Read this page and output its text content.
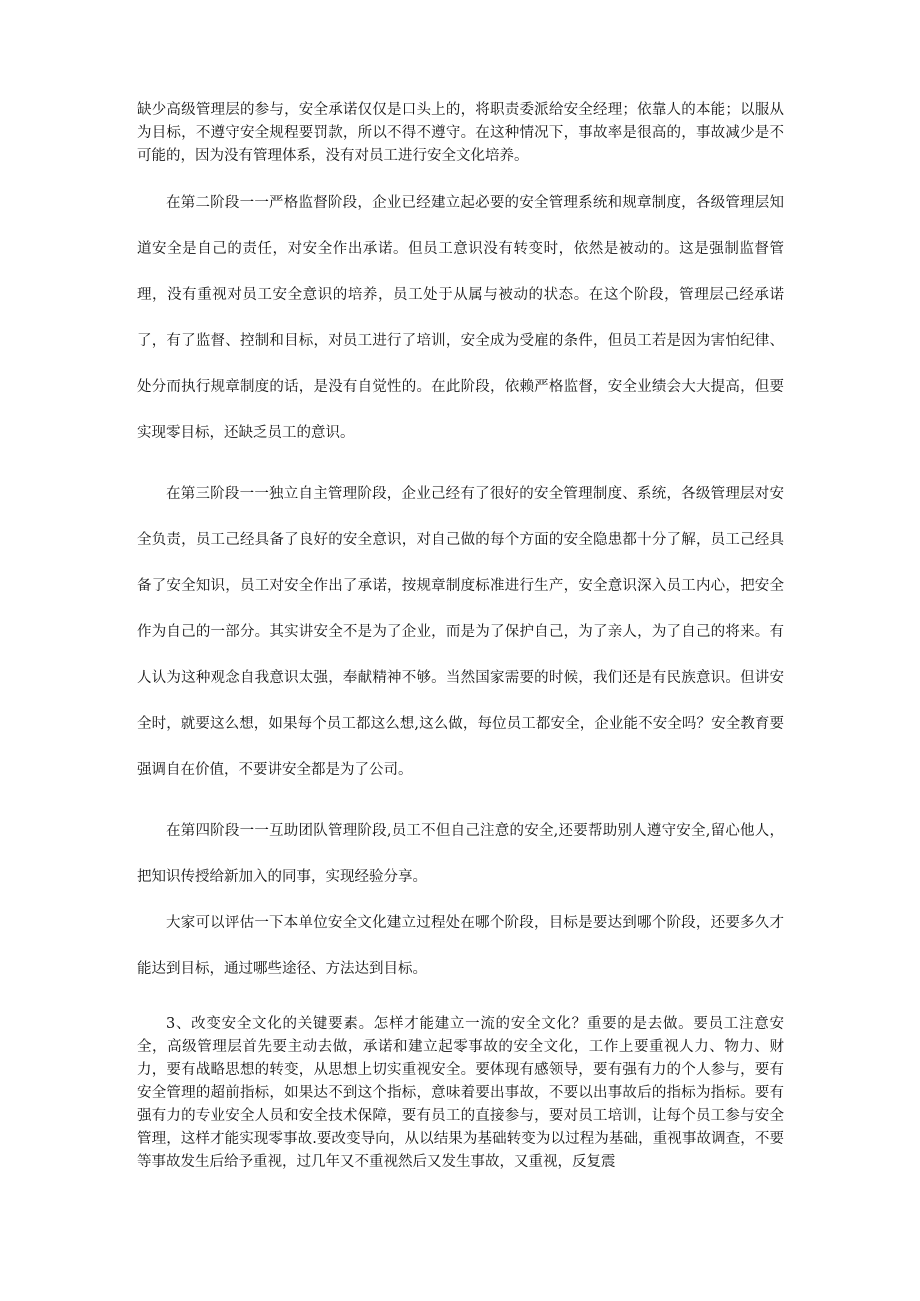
缺少高级管理层的参与，安全承诺仅仅是口头上的，将职责委派给安全经理；依靠人的本能；以服从为目标，不遵守安全规程要罚款，所以不得不遵守。在这种情况下，事故率是很高的，事故减少是不可能的，因为没有管理体系，没有对员工进行安全文化培养。

在第二阶段一一严格监督阶段，企业已经建立起必要的安全管理系统和规章制度，各级管理层知道安全是自己的责任，对安全作出承诺。但员工意识没有转变时，依然是被动的。这是强制监督管理，没有重视对员工安全意识的培养，员工处于从属与被动的状态。在这个阶段，管理层己经承诺了，有了监督、控制和目标，对员工进行了培训，安全成为受雇的条件，但员工若是因为害怕纪律、处分而执行规章制度的话，是没有自觉性的。在此阶段，依赖严格监督，安全业绩会大大提高，但要实现零目标，还缺乏员工的意识。

在第三阶段一一独立自主管理阶段，企业己经有了很好的安全管理制度、系统，各级管理层对安全负责，员工己经具备了良好的安全意识，对自己做的每个方面的安全隐患都十分了解，员工己经具备了安全知识，员工对安全作出了承诺，按规章制度标准进行生产，安全意识深入员工内心，把安全作为自己的一部分。其实讲安全不是为了企业，而是为了保护自己，为了亲人，为了自己的将来。有人认为这种观念自我意识太强，奉献精神不够。当然国家需要的时候，我们还是有民族意识。但讲安全时，就要这么想，如果每个员工都这么想,这么做，每位员工都安全，企业能不安全吗？安全教育要强调自在价值，不要讲安全都是为了公司。

在第四阶段一一互助团队管理阶段,员工不但自己注意的安全,还要帮助别人遵守安全,留心他人，把知识传授给新加入的同事，实现经验分享。

大家可以评估一下本单位安全文化建立过程处在哪个阶段，目标是要达到哪个阶段，还要多久才能达到目标，通过哪些途径、方法达到目标。

3、改变安全文化的关键要素。怎样才能建立一流的安全文化？重要的是去做。要员工注意安全，高级管理层首先要主动去做，承诺和建立起零事故的安全文化，工作上要重视人力、物力、财力，要有战略思想的转变，从思想上切实重视安全。要体现有感领导，要有强有力的个人参与，要有安全管理的超前指标，如果达不到这个指标，意味着要出事故，不要以出事故后的指标为指标。要有强有力的专业安全人员和安全技术保障，要有员工的直接参与，要对员工培训，让每个员工参与安全管理，这样才能实现零事故.要改变导向，从以结果为基础转变为以过程为基础，重视事故调查，不要等事故发生后给予重视，过几年又不重视然后又发生事故，又重视，反复震
